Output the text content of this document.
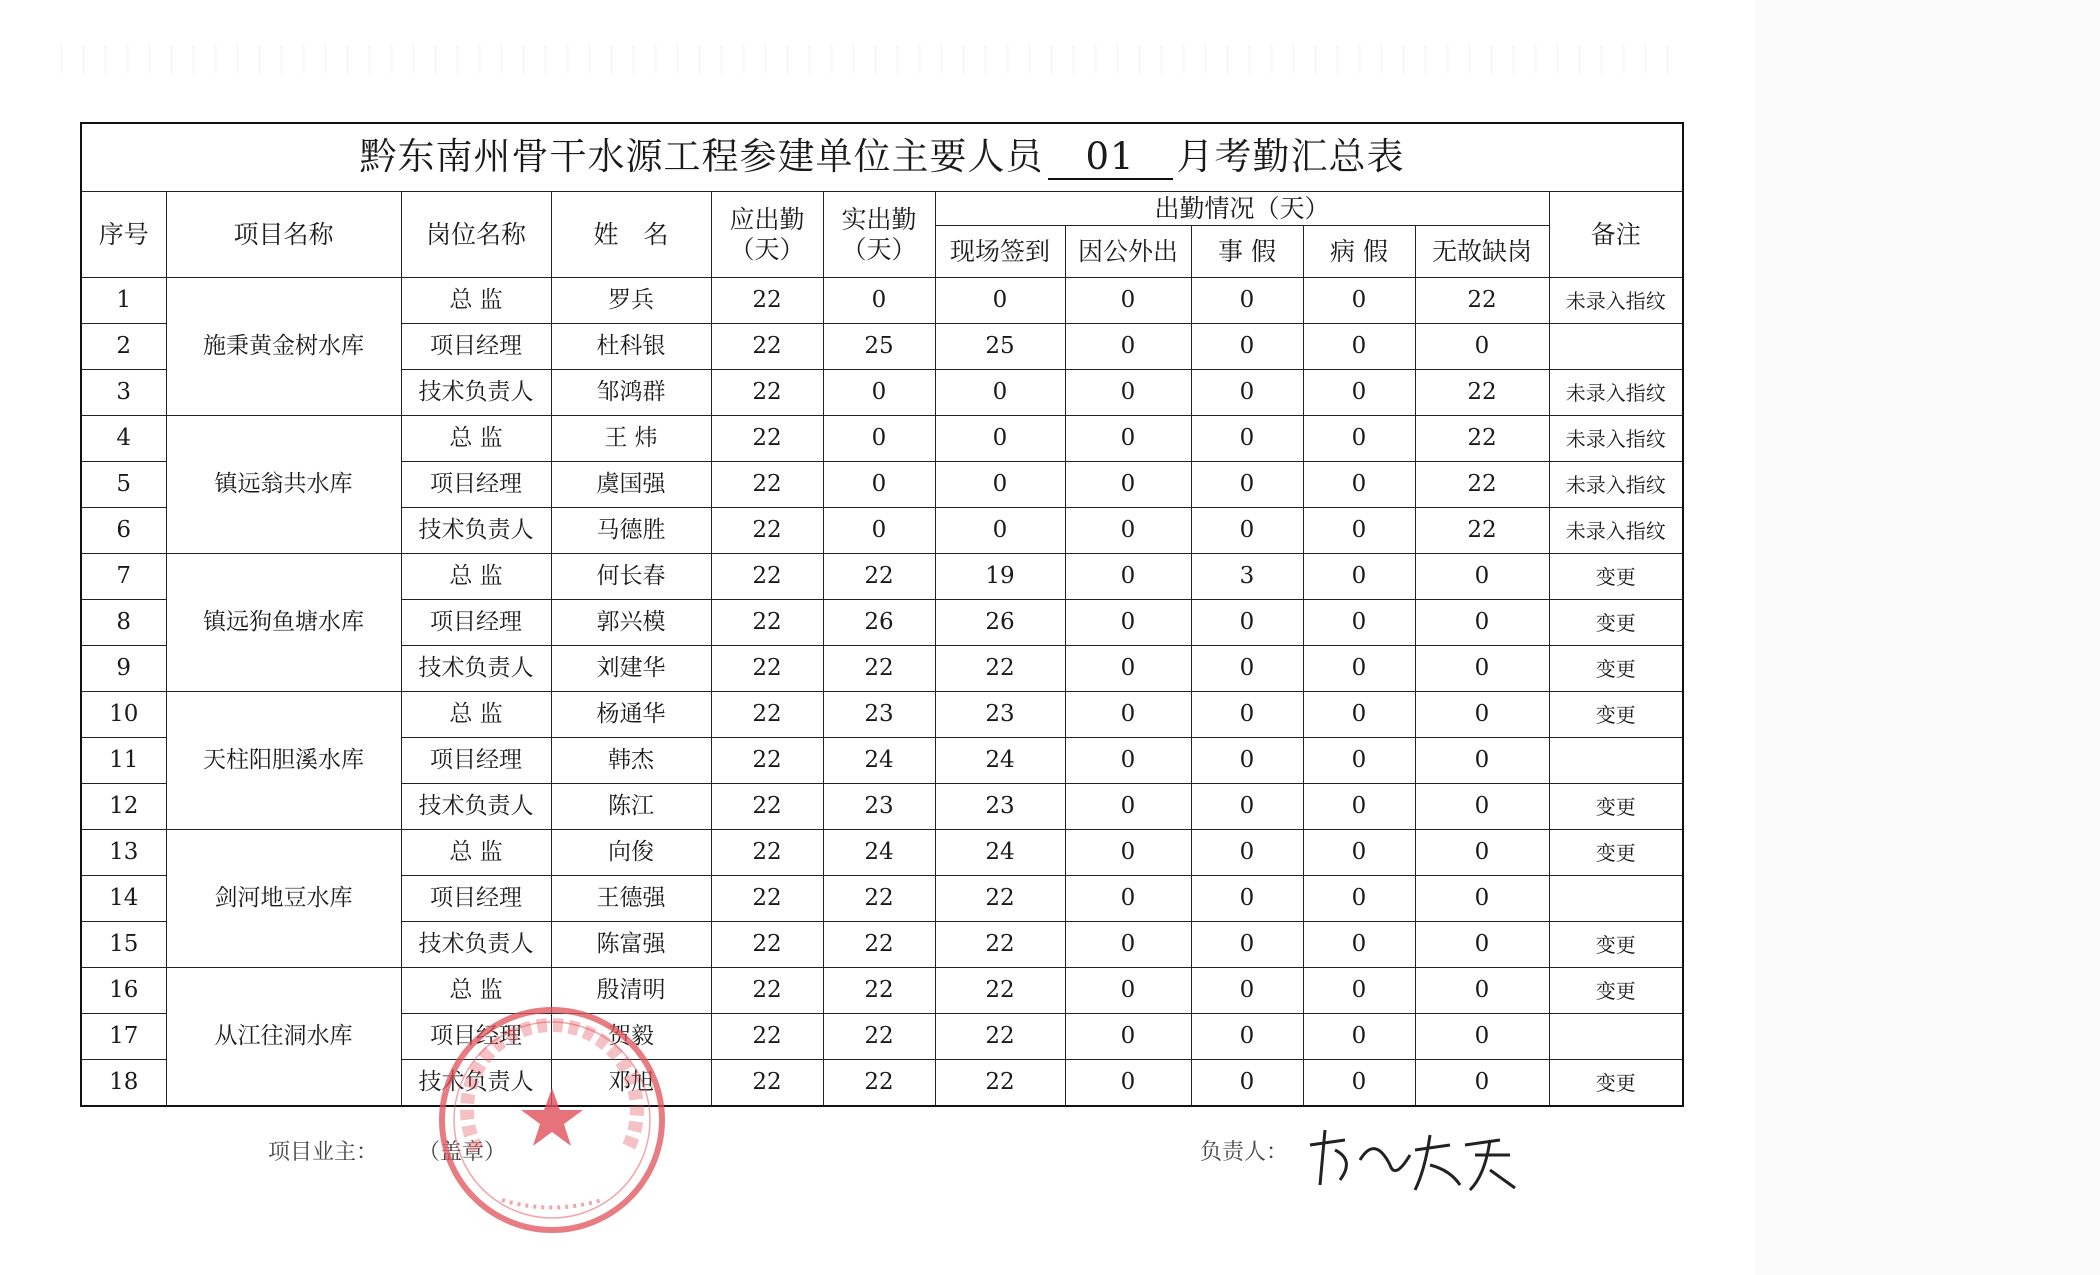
黔东南州骨干水源工程参建单位主要人员 01 月考勤汇总表											
序号	项目名称	岗位名称	姓　名	应出勤（天）	实出勤（天）	出勤情况（天）					备注
						现场签到	因公外出	事 假	病 假	无故缺岗	
1	施秉黄金树水库	总 监	罗兵	22	0	0	0	0	0	22	未录入指纹
2		项目经理	杜科银	22	25	25	0	0	0	0	
3		技术负责人	邹鸿群	22	0	0	0	0	0	22	未录入指纹
4	镇远翁共水库	总 监	王 炜	22	0	0	0	0	0	22	未录入指纹
5		项目经理	虞国强	22	0	0	0	0	0	22	未录入指纹
6		技术负责人	马德胜	22	0	0	0	0	0	22	未录入指纹
7	镇远狗鱼塘水库	总 监	何长春	22	22	19	0	3	0	0	变更
8		项目经理	郭兴模	22	26	26	0	0	0	0	变更
9		技术负责人	刘建华	22	22	22	0	0	0	0	变更
10	天柱阳胆溪水库	总 监	杨通华	22	23	23	0	0	0	0	变更
11		项目经理	韩杰	22	24	24	0	0	0	0	
12		技术负责人	陈江	22	23	23	0	0	0	0	变更
13	剑河地豆水库	总 监	向俊	22	24	24	0	0	0	0	变更
14		项目经理	王德强	22	22	22	0	0	0	0	
15		技术负责人	陈富强	22	22	22	0	0	0	0	变更
16	从江往洞水库	总 监	殷清明	22	22	22	0	0	0	0	变更
17		项目经理	贺毅	22	22	22	0	0	0	0	
18		技术负责人	邓旭	22	22	22	0	0	0	0	变更
项目业主： （盖章）	负责人：
